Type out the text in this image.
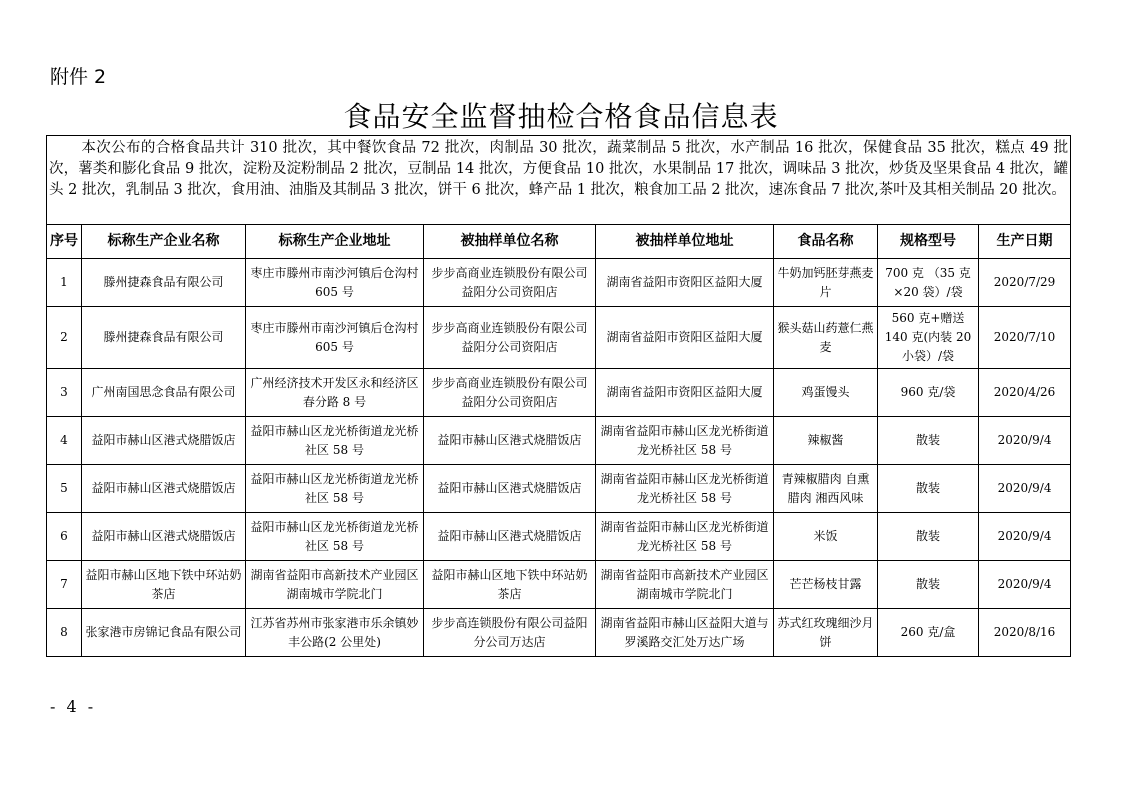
附件 2
食品安全监督抽检合格食品信息表
本次公布的合格食品共计 310 批次，其中餐饮食品 72 批次，肉制品 30 批次，蔬菜制品 5 批次，水产制品 16 批次，保健食品 35 批次，糕点 49 批次，薯类和膨化食品 9 批次，淀粉及淀粉制品 2 批次，豆制品 14 批次，方便食品 10 批次，水果制品 17 批次，调味品 3 批次，炒货及坚果食品 4 批次，罐头 2 批次，乳制品 3 批次，食用油、油脂及其制品 3 批次，饼干 6 批次，蜂产品 1 批次，粮食加工品 2 批次，速冻食品 7 批次,茶叶及其相关制品 20 批次。							
序号	标称生产企业名称	标称生产企业地址	被抽样单位名称	被抽样单位地址	食品名称	规格型号	生产日期
1	滕州捷森食品有限公司	枣庄市滕州市南沙河镇后仓沟村 605 号	步步高商业连锁股份有限公司益阳分公司资阳店	湖南省益阳市资阳区益阳大厦	牛奶加钙胚芽燕麦片	700 克 （35 克×20 袋）/袋	2020/7/29
2	滕州捷森食品有限公司	枣庄市滕州市南沙河镇后仓沟村 605 号	步步高商业连锁股份有限公司益阳分公司资阳店	湖南省益阳市资阳区益阳大厦	猴头菇山药薏仁燕麦	560 克+赠送 140 克(内装 20 小袋）/袋	2020/7/10
3	广州南国思念食品有限公司	广州经济技术开发区永和经济区春分路 8 号	步步高商业连锁股份有限公司益阳分公司资阳店	湖南省益阳市资阳区益阳大厦	鸡蛋馒头	960 克/袋	2020/4/26
4	益阳市赫山区港式烧腊饭店	益阳市赫山区龙光桥街道龙光桥社区 58 号	益阳市赫山区港式烧腊饭店	湖南省益阳市赫山区龙光桥街道龙光桥社区 58 号	辣椒酱	散装	2020/9/4
5	益阳市赫山区港式烧腊饭店	益阳市赫山区龙光桥街道龙光桥社区 58 号	益阳市赫山区港式烧腊饭店	湖南省益阳市赫山区龙光桥街道龙光桥社区 58 号	青辣椒腊肉 自熏腊肉 湘西风味	散装	2020/9/4
6	益阳市赫山区港式烧腊饭店	益阳市赫山区龙光桥街道龙光桥社区 58 号	益阳市赫山区港式烧腊饭店	湖南省益阳市赫山区龙光桥街道龙光桥社区 58 号	米饭	散装	2020/9/4
7	益阳市赫山区地下铁中环站奶茶店	湖南省益阳市高新技术产业园区湖南城市学院北门	益阳市赫山区地下铁中环站奶茶店	湖南省益阳市高新技术产业园区湖南城市学院北门	芒芒杨枝甘露	散装	2020/9/4
8	张家港市房锦记食品有限公司	江苏省苏州市张家港市乐余镇妙丰公路(2 公里处)	步步高连锁股份有限公司益阳分公司万达店	湖南省益阳市赫山区益阳大道与罗溪路交汇处万达广场	苏式红玫瑰细沙月饼	260 克/盒	2020/8/16
- 4 -
